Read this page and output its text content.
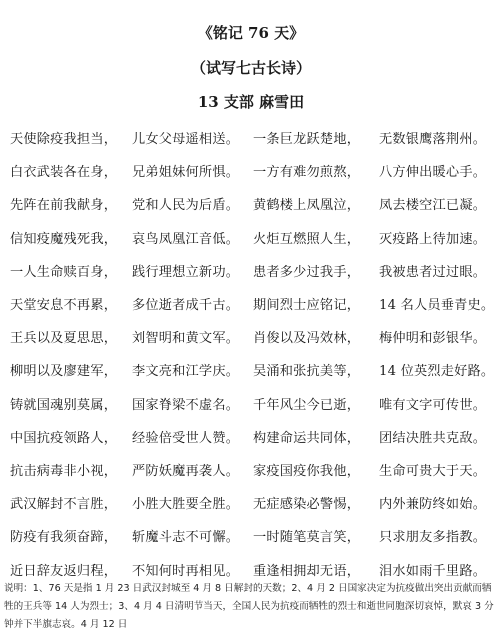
《铭记 76 天》
（试写七古长诗）
13 支部 麻雪田
天使除疫我担当，	儿女父母遥相送。	一条巨龙跃楚地，	无数银鹰落荆州。
白衣武装各在身，	兄弟姐妹何所惧。	一方有难勿煎熬，	八方伸出暖心手。
先阵在前我献身，	党和人民为后盾。	黄鹤楼上凤凰泣，	凤去楼空江已凝。
信知疫魔残死我，	哀鸟凤凰江音低。	火炬互燃照人生，	灭疫路上待加速。
一人生命赎百身，	践行理想立新功。	患者多少过我手，	我被患者过过眼。
天堂安息不再累，	多位逝者成千古。	期间烈士应铭记，	14 名人员垂青史。
王兵以及夏思思，	刘智明和黄文军。	肖俊以及冯效林，	梅仲明和彭银华。
柳明以及廖建军，	李文亮和江学庆。	吴涌和张抗美等，	14 位英烈走好路。
铸就国魂别莫属，	国家脊梁不虚名。	千年风尘今已逝，	唯有文字可传世。
中国抗疫领路人，	经验倍受世人赞。	构建命运共同体，	团结决胜共克敌。
抗击病毒非小视，	严防妖魔再袭人。	家疫国疫你我他，	生命可贵大于天。
武汉解封不言胜，	小胜大胜要全胜。	无症感染必警惕，	内外兼防终如始。
防疫有我须奋蹄，	斩魔斗志不可懈。	一时随笔莫言笑，	只求朋友多指教。
近日辞友返归程，	不知何时再相见。	重逢相拥却无语，	泪水如雨千里路。
说明：1、76 天是指 1 月 23 日武汉封城至 4 月 8 日解封的天数；2、4 月 2 日国家决定为抗疫做出突出贡献而牺牲的王兵等 14 人为烈士；3、4 月 4 日清明节当天，全国人民为抗疫而牺牲的烈士和逝世同胞深切哀悼，默哀 3 分钟并下半旗志哀。4 月 12 日
